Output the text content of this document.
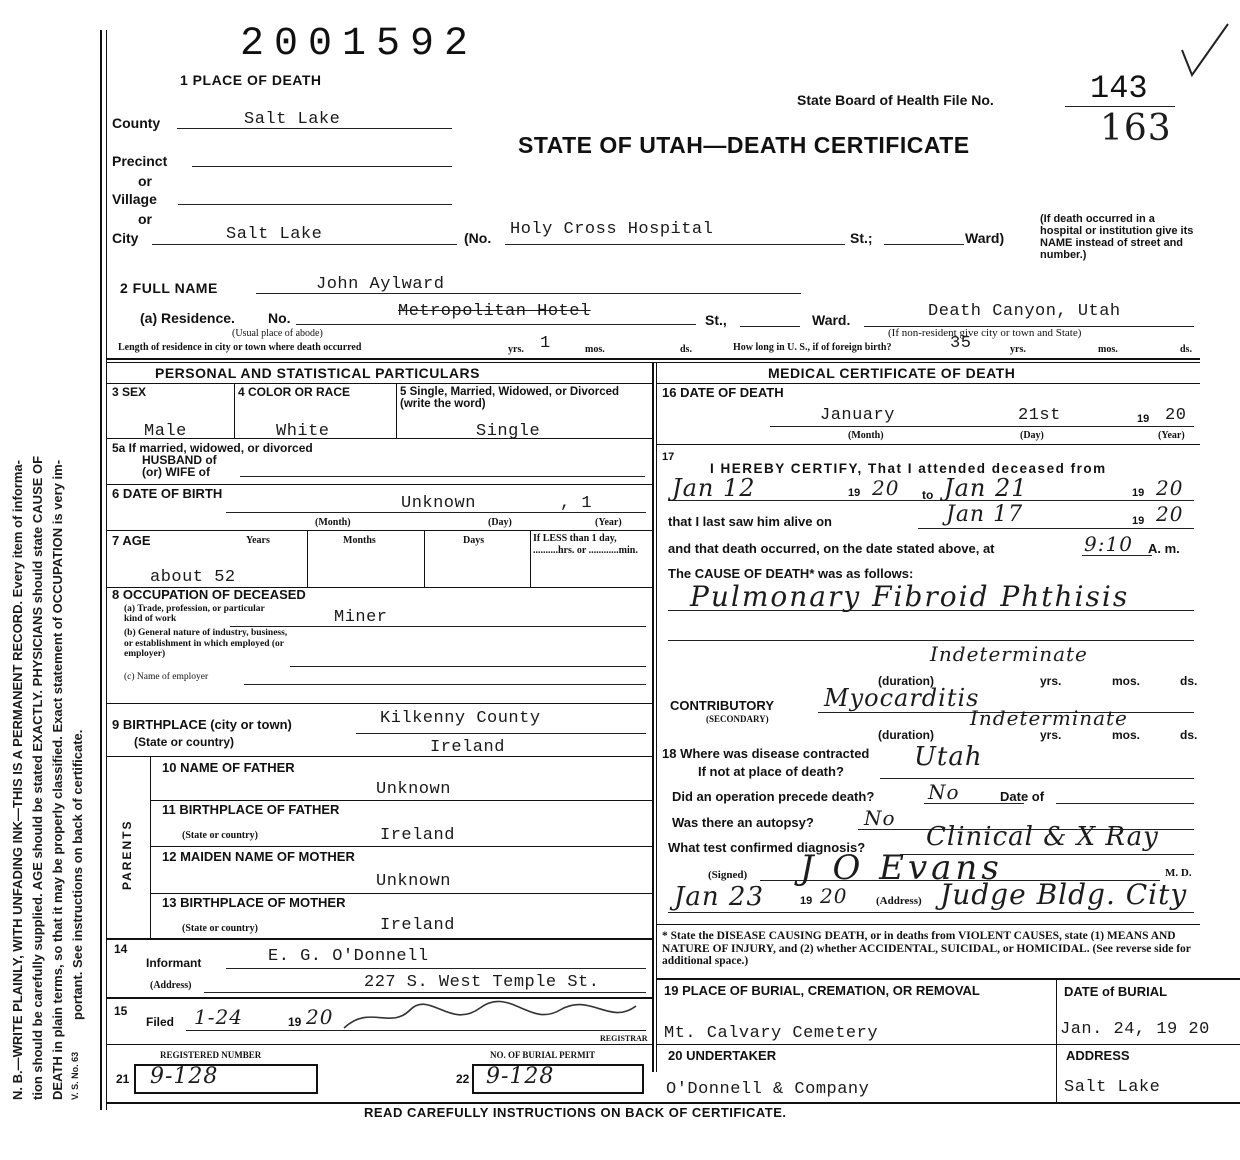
N. B.—WRITE PLAINLY, WITH UNFADING INK—THIS IS A PERMANENT RECORD. Every item of informa- tion should be carefully supplied. AGE should be stated EXACTLY. PHYSICIANS should state CAUSE OF DEATH in plain terms, so that it may be properly classified. Exact statement of OCCUPATION is very im- portant. See instructions on back of certificate.
V. S. No. 63
2001592
1 PLACE OF DEATH
State Board of Health File No.	143
163
STATE OF UTAH—DEATH CERTIFICATE
County	Salt Lake
Precinct
or
Village
or
City	Salt Lake	(No. Holy Cross Hospital	St.;	Ward)
(If death occurred in a hospital or institution give its NAME instead of street and number.)
2 FULL NAME	John Aylward
(a) Residence. No.	Metropolitan Hotel	St.,	Ward.	Death Canyon, Utah
(Usual place of abode)	(If non-resident give city or town and State)
Length of residence in city or town where death occurred	yrs. 1	mos.	ds.	How long in U. S., if of foreign birth?	35	yrs.	mos.	ds.
PERSONAL AND STATISTICAL PARTICULARS
3 SEX	4 COLOR OR RACE	5 Single, Married, Widowed, or Divorced (write the word)
Male	White	Single
5a If married, widowed, or divorced
HUSBAND of
(or) WIFE of
6 DATE OF BIRTH
Unknown	, 1
(Month)	(Day)	(Year)
7 AGE	Years	Months	Days	If LESS than 1 day, ..........hrs. or ............min.
about 52
8 OCCUPATION OF DECEASED
(a) Trade, profession, or particular kind of work	Miner
(b) General nature of industry, business, or establishment in which employed (or employer)
(c) Name of employer
9 BIRTHPLACE (city or town)	Kilkenny County
(State or country)	Ireland
PARENTS
10 NAME OF FATHER
Unknown
11 BIRTHPLACE OF FATHER
(State or country)	Ireland
12 MAIDEN NAME OF MOTHER
Unknown
13 BIRTHPLACE OF MOTHER
(State or country)	Ireland
14
Informant	E. G. O'Donnell
(Address)	227 S. West Temple St.
15
Filed 1-24	19 20
REGISTRAR
REGISTERED NUMBER
21 9-128
NO. OF BURIAL PERMIT
22 9-128
MEDICAL CERTIFICATE OF DEATH
16 DATE OF DEATH
January	21st	19 20
(Month)	(Day)	(Year)
17
I HEREBY CERTIFY, That I attended deceased from
Jan 12	19 20 to Jan 21	19 20
that I last saw him alive on	Jan 17	19 20
and that death occurred, on the date stated above, at	9:10 A. m.
The CAUSE OF DEATH* was as follows:
Pulmonary Fibroid Phthisis
Indeterminate
(duration)	yrs.	mos.	ds.
CONTRIBUTORY
(SECONDARY)
Myocarditis
Indeterminate
(duration)	yrs.	mos.	ds.
18 Where was disease contracted
If not at place of death?	Utah
Did an operation precede death?	No	Date of
Was there an autopsy?	No
What test confirmed diagnosis? Clinical & X Ray
(Signed) J O Evans	M. D.
Jan 23	19 20	(Address) Judge Bldg. City
* State the DISEASE CAUSING DEATH, or in deaths from VIOLENT CAUSES, state (1) MEANS AND NATURE OF INJURY, and (2) whether ACCIDENTAL, SUICIDAL, or HOMICIDAL. (See reverse side for additional space.)
19 PLACE OF BURIAL, CREMATION, OR REMOVAL
Mt. Calvary Cemetery
DATE of BURIAL
Jan. 24, 19 20
20 UNDERTAKER
O'Donnell & Company
ADDRESS
Salt Lake
READ CAREFULLY INSTRUCTIONS ON BACK OF CERTIFICATE.
